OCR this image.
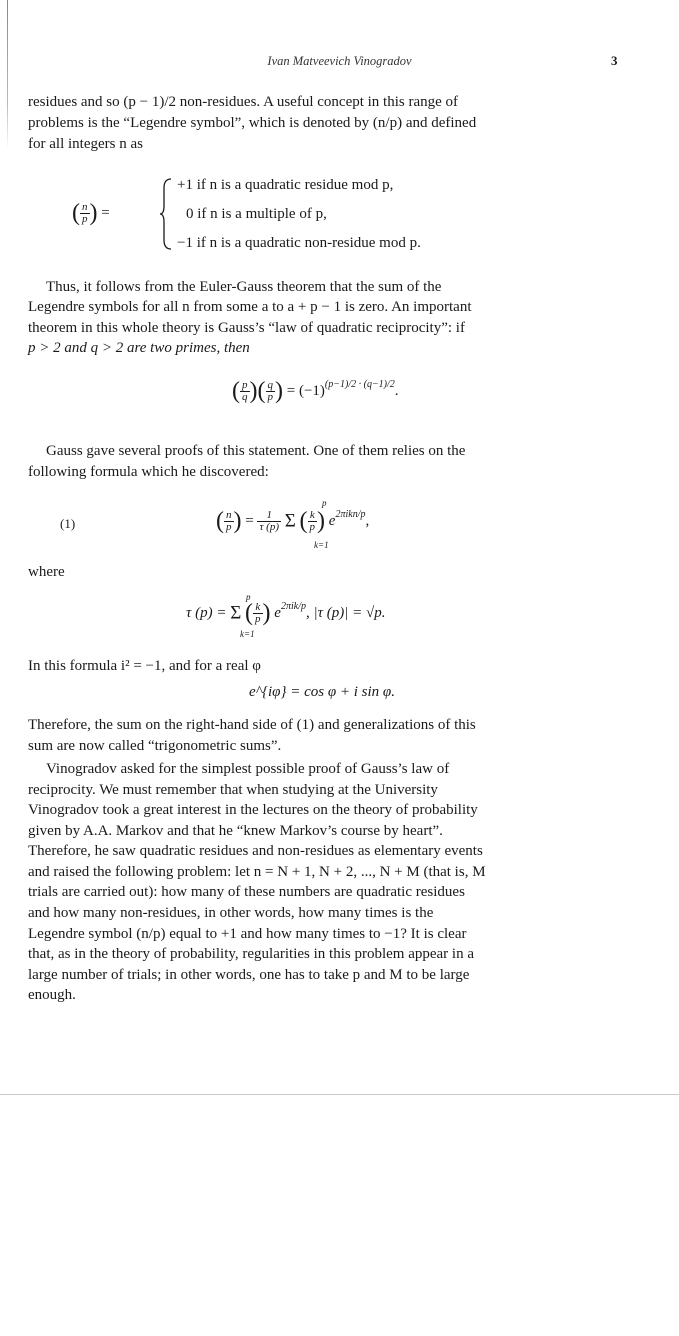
Ivan Matveevich Vinogradov	3
residues and so (p − 1)/2 non-residues. A useful concept in this range of
problems is the “Legendre symbol”, which is denoted by (n/p) and defined
for all integers n as
( $\frac{n}{p}$ ) =
+1 if n is a quadratic residue mod p,
0 if n is a multiple of p,
−1 if n is a quadratic non-residue mod p.
Thus, it follows from the Euler-Gauss theorem that the sum of the
Legendre symbols for all n from some a to a + p − 1 is zero. An important
theorem in this whole theory is Gauss’s “law of quadratic reciprocity”: if
p > 2 and q > 2 are two primes, then
( $\frac{p}{q}$ )( $\frac{q}{p}$ ) = $(-1)^{(p-1)/2 \cdot (q-1)/2}$.
Gauss gave several proofs of this statement. One of them relies on the
following formula which he discovered:
(1)
p
k=1
( $\frac{n}{p}$ ) = $\frac{1}{\tau (p)}$ Σ ( $\frac{k}{p}$ ) $e^{2\pi ikn/p}$,
where
p
k=1
τ (p) = Σ ( $\frac{k}{p}$ ) $e^{2\pi ik/p}$, |τ (p)| = √p.
In this formula i² = −1, and for a real φ
e^{iφ} = cos φ + i sin φ.
Therefore, the sum on the right-hand side of (1) and generalizations of this
sum are now called “trigonometric sums”.
Vinogradov asked for the simplest possible proof of Gauss’s law of
reciprocity. We must remember that when studying at the University
Vinogradov took a great interest in the lectures on the theory of probability
given by A.A. Markov and that he “knew Markov’s course by heart”.
Therefore, he saw quadratic residues and non-residues as elementary events
and raised the following problem: let n = N + 1, N + 2, ..., N + M (that is, M
trials are carried out): how many of these numbers are quadratic residues
and how many non-residues, in other words, how many times is the
Legendre symbol (n/p) equal to +1 and how many times to −1? It is clear
that, as in the theory of probability, regularities in this problem appear in a
large number of trials; in other words, one has to take p and M to be large
enough.
